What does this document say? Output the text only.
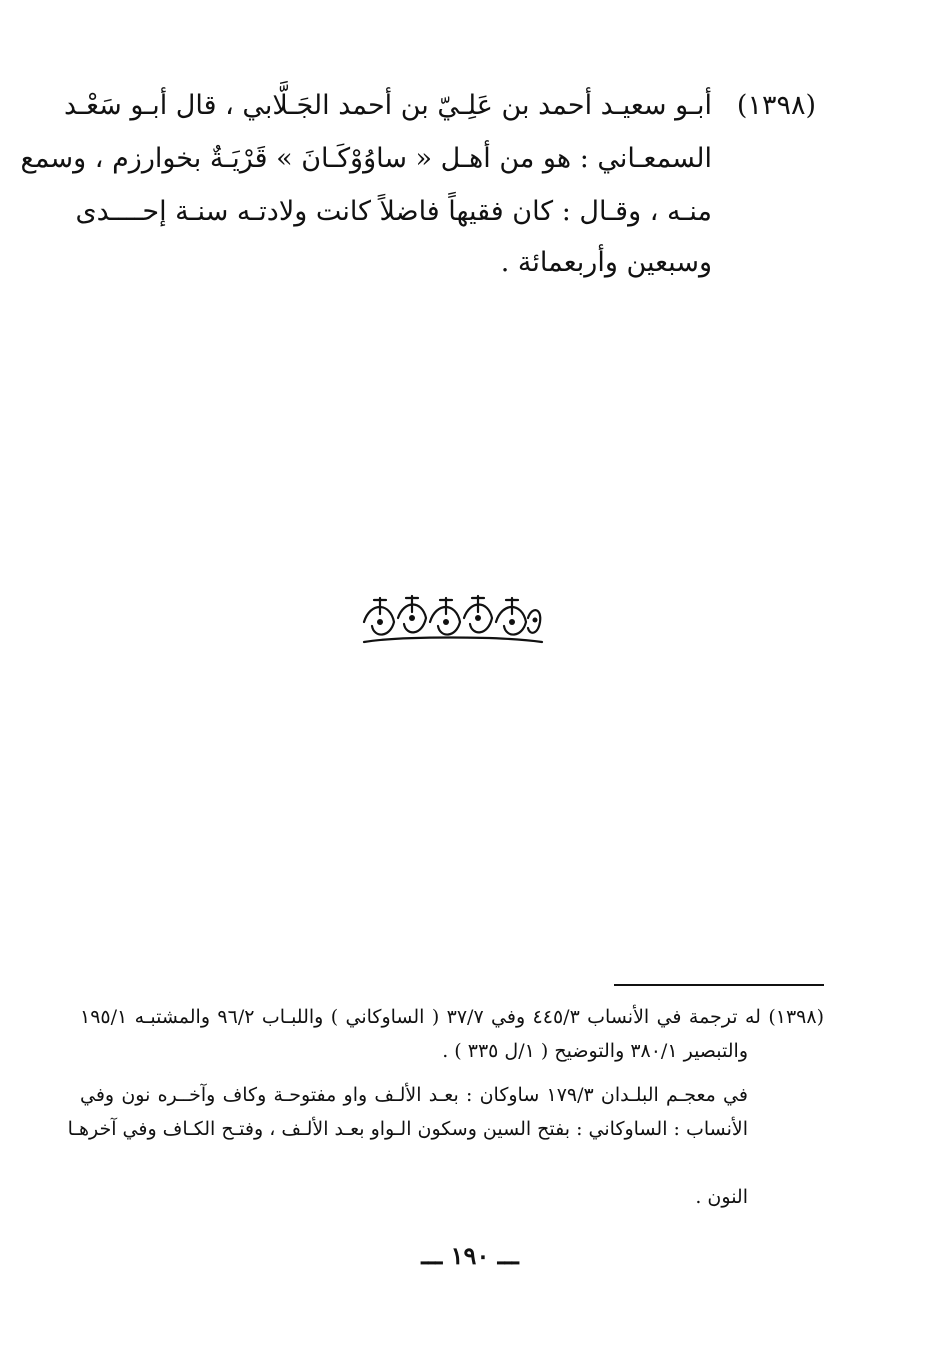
(١٣٩٨)
أبـو سعيـد أحمد بن عَلِـيّ بن أحمد الجَـلَّابي ، قال أبـو سَعْـد
السمعـاني : هو من أهـل « ساوُوْكَـانَ » قَرْيَـةٌ بخوارزم ، وسمع
منـه ، وقـال : كان فقيهاً فاضلاً كانت ولادتـه سنـة إحــــدى
وسبعين وأربعمائة .
(١٣٩٨) له ترجمة في الأنساب ٤٤٥/٣ وفي ٣٧/٧ ( الساوكاني ) واللبـاب ٩٦/٢ والمشتبـه ١٩٥/١
والتبصير ٣٨٠/١ والتوضيح ( ١/ل ٣٣٥ ) .
في معجـم البلـدان ١٧٩/٣ ساوكان : بعـد الألـف واو مفتوحـة وكاف وآخــره نون وفي
الأنساب : الساوكاني : بفتح السين وسكون الـواو بعـد الألـف ، وفتـح الكـاف وفي آخرهـا
النون .
ـــ ١٩٠ ـــ
